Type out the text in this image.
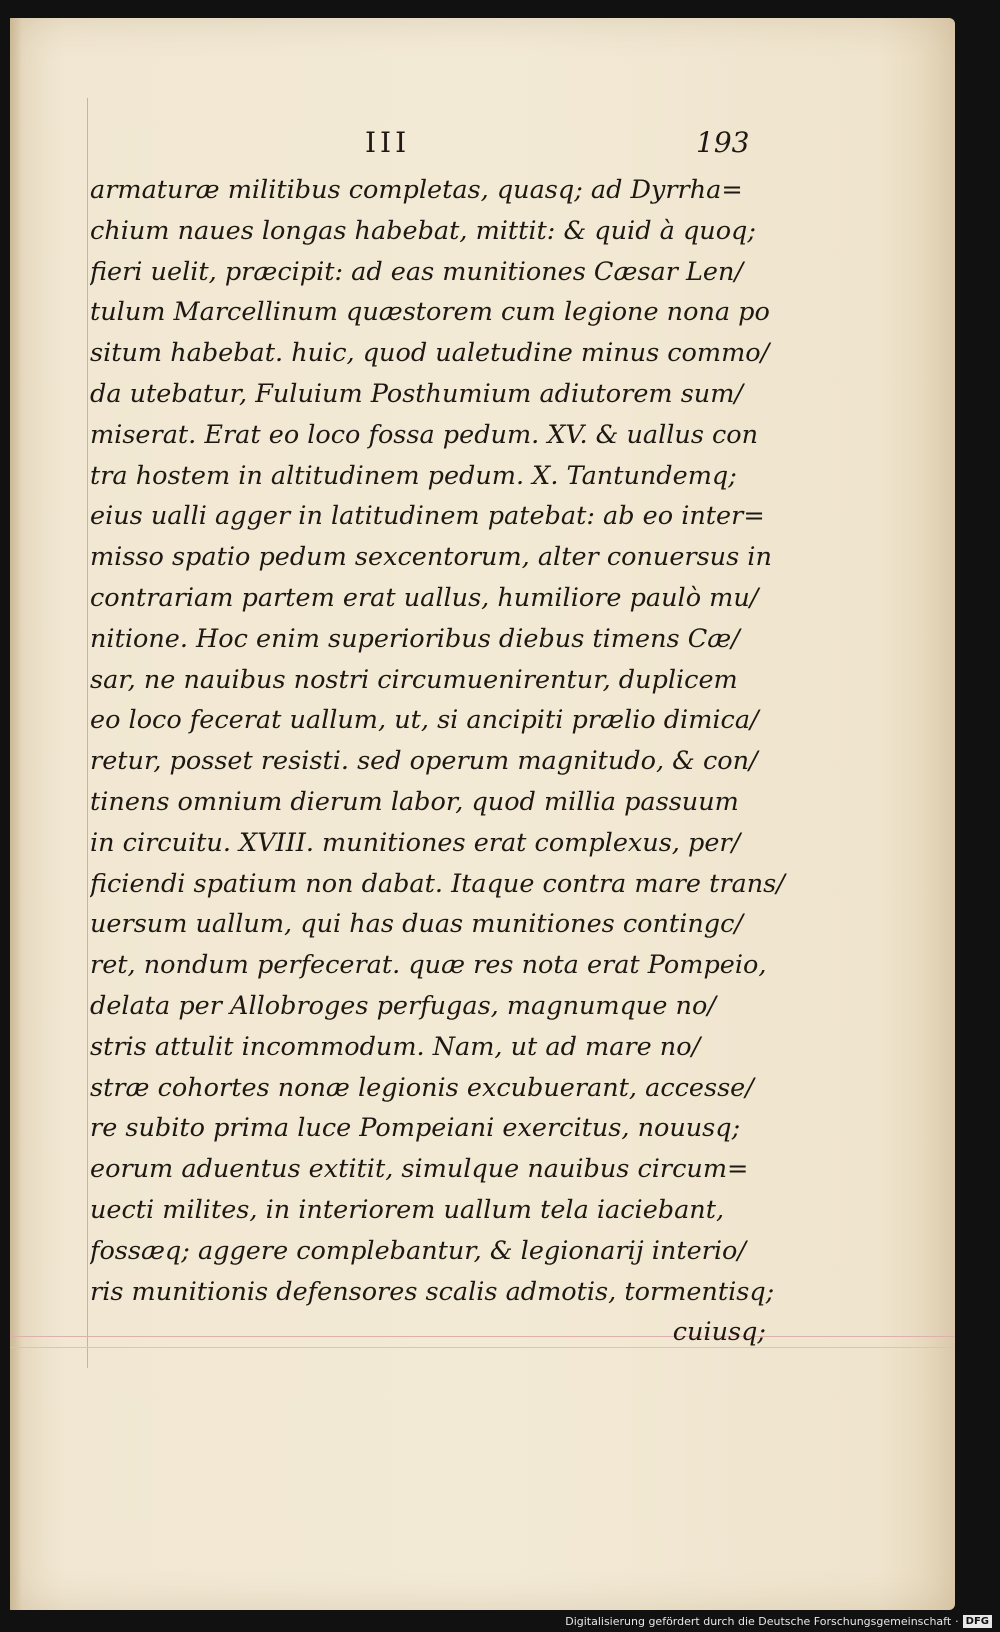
III	193
armaturæ militibus completas, quasq; ad Dyrrha=
chium naues longas habebat, mittit: & quid à quoq;
fieri uelit, præcipit: ad eas munitiones Cæsar Len/
tulum Marcellinum quæstorem cum legione nona po
situm habebat. huic, quod ualetudine minus commo/
da utebatur, Fuluium Posthumium adiutorem sum/
miserat. Erat eo loco fossa pedum. XV. & uallus con
tra hostem in altitudinem pedum. X. Tantundemq;
eius ualli agger in latitudinem patebat: ab eo inter=
misso spatio pedum sexcentorum, alter conuersus in
contrariam partem erat uallus, humiliore paulò mu/
nitione. Hoc enim superioribus diebus timens Cæ/
sar, ne nauibus nostri circumuenirentur, duplicem
eo loco fecerat uallum, ut, si ancipiti prælio dimica/
retur, posset resisti. sed operum magnitudo, & con/
tinens omnium dierum labor, quod millia passuum
in circuitu. XVIII. munitiones erat complexus, per/
ficiendi spatium non dabat. Itaque contra mare trans/
uersum uallum, qui has duas munitiones contingc/
ret, nondum perfecerat. quæ res nota erat Pompeio,
delata per Allobroges perfugas, magnumque no/
stris attulit incommodum. Nam, ut ad mare no/
stræ cohortes nonæ legionis excubuerant, accesse/
re subito prima luce Pompeiani exercitus, nouusq;
eorum aduentus extitit, simulque nauibus circum=
uecti milites, in interiorem uallum tela iaciebant,
fossæq; aggere complebantur, & legionarij interio/
ris munitionis defensores scalis admotis, tormentisq;
cuiusq;
Digitalisierung gefördert durch die Deutsche Forschungsgemeinschaft · DFG
